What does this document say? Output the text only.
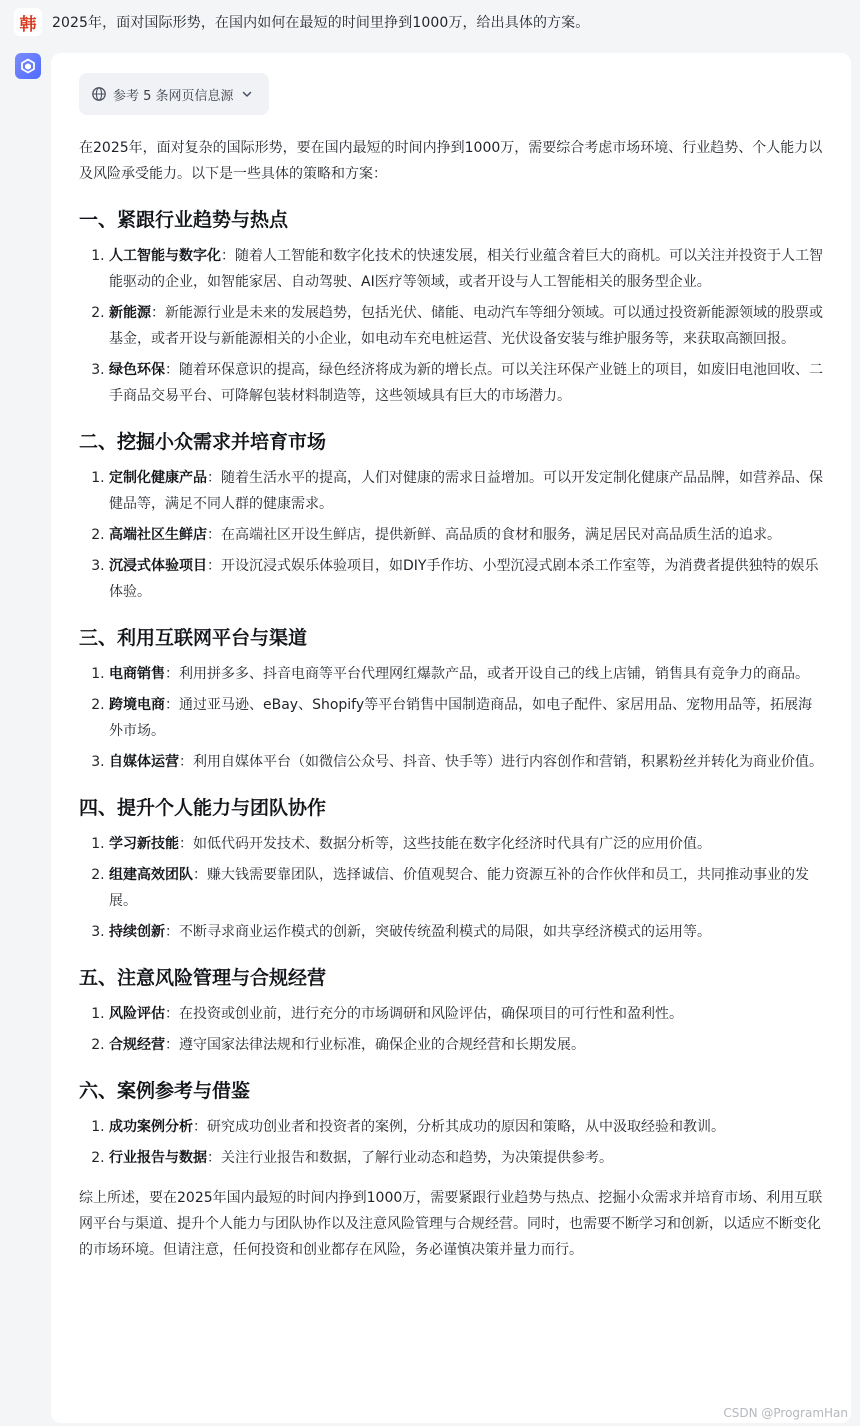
韩	2025年，面对国际形势，在国内如何在最短的时间里挣到1000万，给出具体的方案。
参考 5 条网页信息源

在2025年，面对复杂的国际形势，要在国内最短的时间内挣到1000万，需要综合考虑市场环境、行业趋势、个人能力以及风险承受能力。以下是一些具体的策略和方案：

一、紧跟行业趋势与热点
1. 人工智能与数字化：随着人工智能和数字化技术的快速发展，相关行业蕴含着巨大的商机。可以关注并投资于人工智能驱动的企业，如智能家居、自动驾驶、AI医疗等领域，或者开设与人工智能相关的服务型企业。
2. 新能源：新能源行业是未来的发展趋势，包括光伏、储能、电动汽车等细分领域。可以通过投资新能源领域的股票或基金，或者开设与新能源相关的小企业，如电动车充电桩运营、光伏设备安装与维护服务等，来获取高额回报。
3. 绿色环保：随着环保意识的提高，绿色经济将成为新的增长点。可以关注环保产业链上的项目，如废旧电池回收、二手商品交易平台、可降解包装材料制造等，这些领域具有巨大的市场潜力。
二、挖掘小众需求并培育市场
1. 定制化健康产品：随着生活水平的提高，人们对健康的需求日益增加。可以开发定制化健康产品品牌，如营养品、保健品等，满足不同人群的健康需求。
2. 高端社区生鲜店：在高端社区开设生鲜店，提供新鲜、高品质的食材和服务，满足居民对高品质生活的追求。
3. 沉浸式体验项目：开设沉浸式娱乐体验项目，如DIY手作坊、小型沉浸式剧本杀工作室等，为消费者提供独特的娱乐体验。
三、利用互联网平台与渠道
1. 电商销售：利用拼多多、抖音电商等平台代理网红爆款产品，或者开设自己的线上店铺，销售具有竞争力的商品。
2. 跨境电商：通过亚马逊、eBay、Shopify等平台销售中国制造商品，如电子配件、家居用品、宠物用品等，拓展海外市场。
3. 自媒体运营：利用自媒体平台（如微信公众号、抖音、快手等）进行内容创作和营销，积累粉丝并转化为商业价值。
四、提升个人能力与团队协作
1. 学习新技能：如低代码开发技术、数据分析等，这些技能在数字化经济时代具有广泛的应用价值。
2. 组建高效团队：赚大钱需要靠团队，选择诚信、价值观契合、能力资源互补的合作伙伴和员工，共同推动事业的发展。
3. 持续创新：不断寻求商业运作模式的创新，突破传统盈利模式的局限，如共享经济模式的运用等。
五、注意风险管理与合规经营
1. 风险评估：在投资或创业前，进行充分的市场调研和风险评估，确保项目的可行性和盈利性。
2. 合规经营：遵守国家法律法规和行业标准，确保企业的合规经营和长期发展。
六、案例参考与借鉴
1. 成功案例分析：研究成功创业者和投资者的案例，分析其成功的原因和策略，从中汲取经验和教训。
2. 行业报告与数据：关注行业报告和数据，了解行业动态和趋势，为决策提供参考。

综上所述，要在2025年国内最短的时间内挣到1000万，需要紧跟行业趋势与热点、挖掘小众需求并培育市场、利用互联网平台与渠道、提升个人能力与团队协作以及注意风险管理与合规经营。同时，也需要不断学习和创新，以适应不断变化的市场环境。但请注意，任何投资和创业都存在风险，务必谨慎决策并量力而行。

CSDN @ProgramHan
